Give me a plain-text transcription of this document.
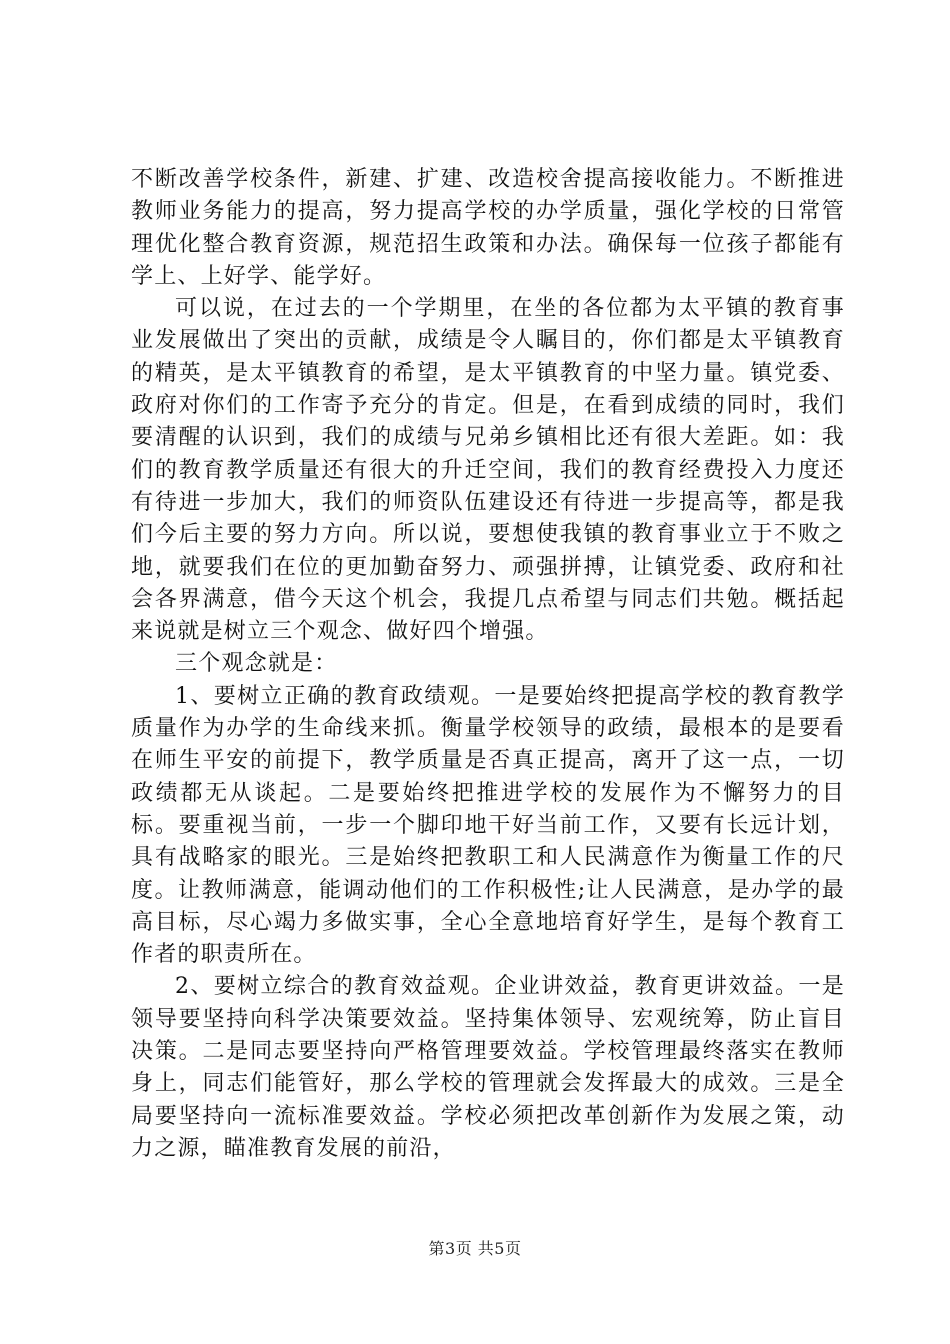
不断改善学校条件，新建、扩建、改造校舍提高接收能力。不断推进教师业务能力的提高，努力提高学校的办学质量，强化学校的日常管理优化整合教育资源，规范招生政策和办法。确保每一位孩子都能有学上、上好学、能学好。

可以说，在过去的一个学期里，在坐的各位都为太平镇的教育事业发展做出了突出的贡献，成绩是令人瞩目的，你们都是太平镇教育的精英，是太平镇教育的希望，是太平镇教育的中坚力量。镇党委、政府对你们的工作寄予充分的肯定。但是，在看到成绩的同时，我们要清醒的认识到，我们的成绩与兄弟乡镇相比还有很大差距。如：我们的教育教学质量还有很大的升迁空间，我们的教育经费投入力度还有待进一步加大，我们的师资队伍建设还有待进一步提高等，都是我们今后主要的努力方向。所以说，要想使我镇的教育事业立于不败之地，就要我们在位的更加勤奋努力、顽强拼搏，让镇党委、政府和社会各界满意，借今天这个机会，我提几点希望与同志们共勉。概括起来说就是树立三个观念、做好四个增强。

三个观念就是：

1、要树立正确的教育政绩观。一是要始终把提高学校的教育教学质量作为办学的生命线来抓。衡量学校领导的政绩，最根本的是要看在师生平安的前提下，教学质量是否真正提高，离开了这一点，一切政绩都无从谈起。二是要始终把推进学校的发展作为不懈努力的目标。要重视当前，一步一个脚印地干好当前工作，又要有长远计划，具有战略家的眼光。三是始终把教职工和人民满意作为衡量工作的尺度。让教师满意，能调动他们的工作积极性;让人民满意，是办学的最高目标，尽心竭力多做实事，全心全意地培育好学生，是每个教育工作者的职责所在。

2、要树立综合的教育效益观。企业讲效益，教育更讲效益。一是领导要坚持向科学决策要效益。坚持集体领导、宏观统筹，防止盲目决策。二是同志要坚持向严格管理要效益。学校管理最终落实在教师身上，同志们能管好，那么学校的管理就会发挥最大的成效。三是全局要坚持向一流标准要效益。学校必须把改革创新作为发展之策，动力之源，瞄准教育发展的前沿，

第3页 共5页
